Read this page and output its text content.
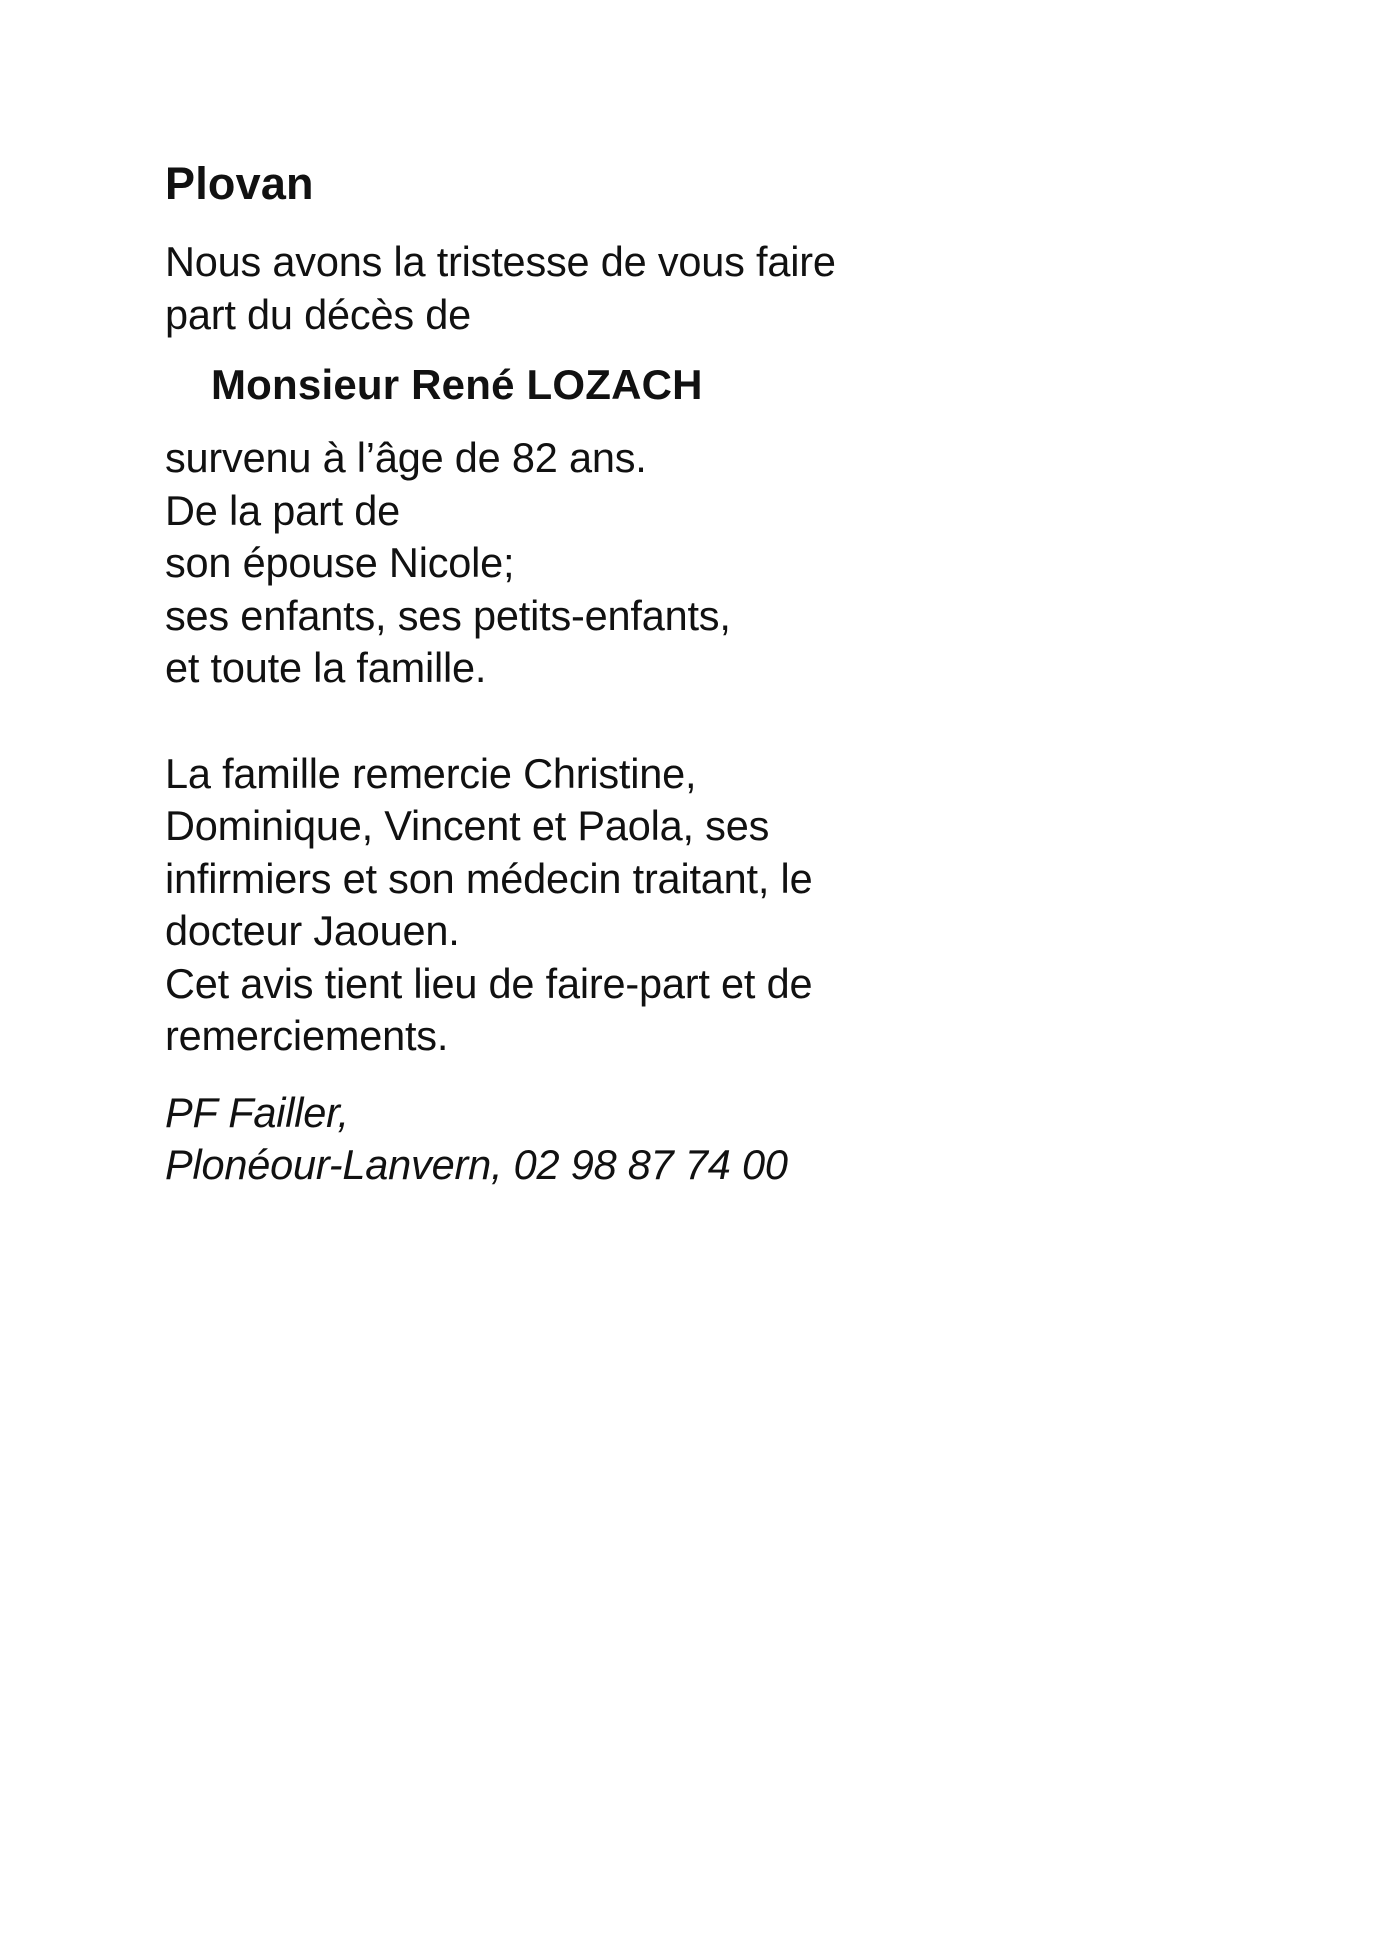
Plovan
Nous avons la tristesse de vous faire
part du décès de
Monsieur René LOZACH
survenu à l’âge de 82 ans.
De la part de
son épouse Nicole;
ses enfants, ses petits-enfants,
et toute la famille.
La famille remercie Christine,
Dominique, Vincent et Paola, ses
infirmiers et son médecin traitant, le
docteur Jaouen.
Cet avis tient lieu de faire-part et de
remerciements.
PF Failler,
Plonéour-Lanvern, 02 98 87 74 00
